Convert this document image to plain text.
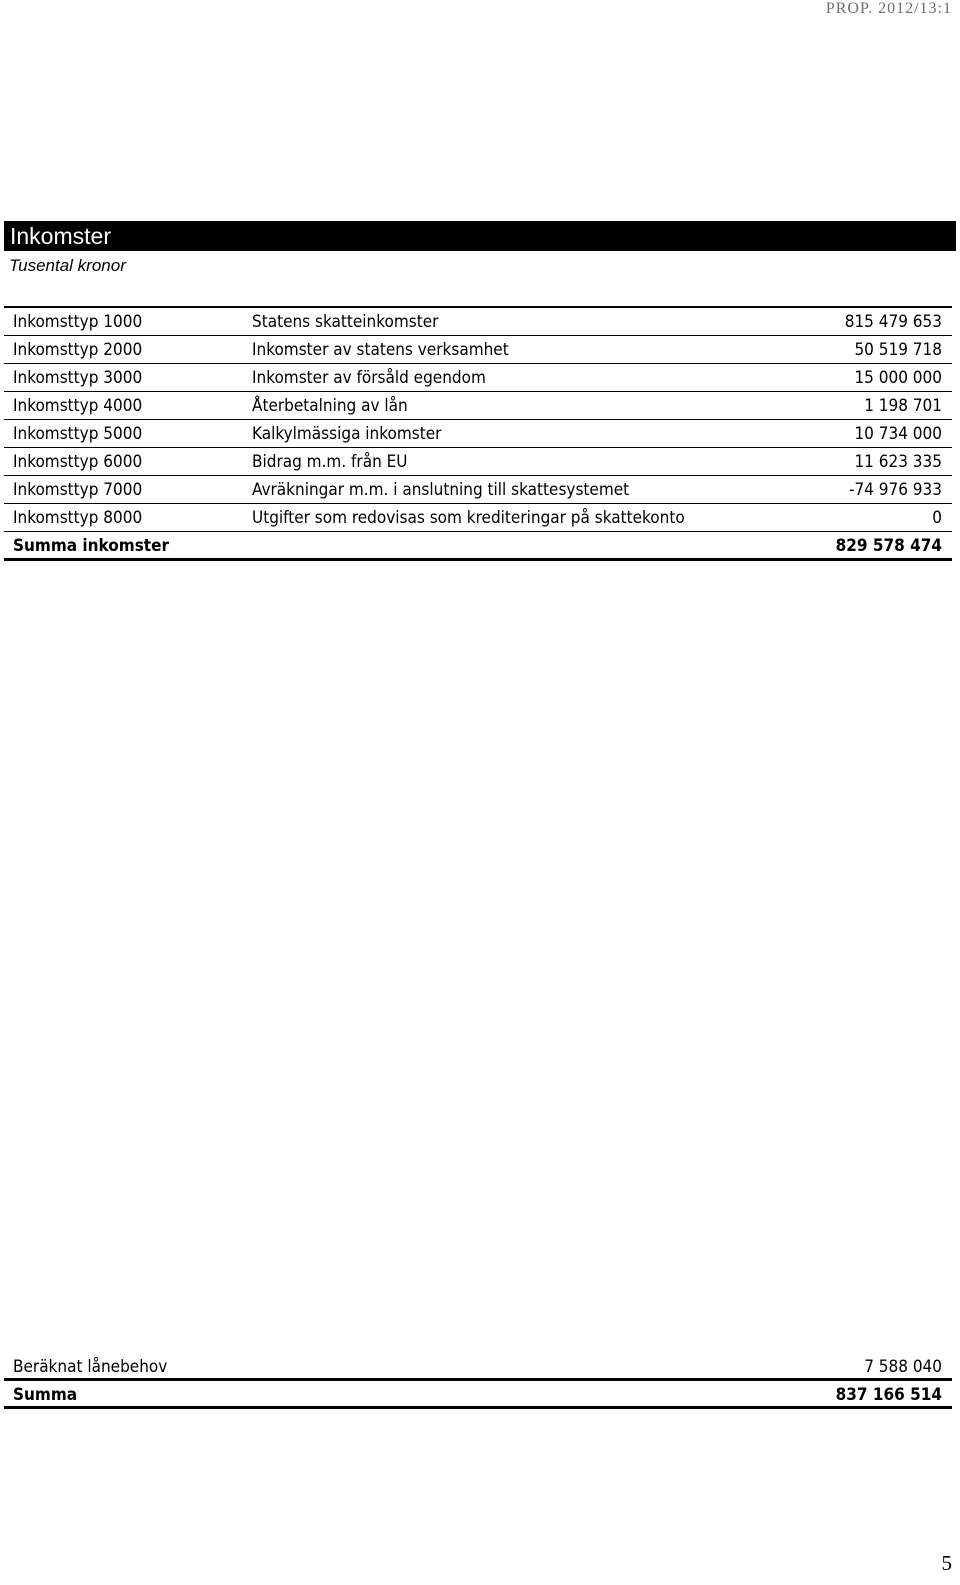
PROP. 2012/13:1
Inkomster
Tusental kronor
Inkomsttyp 1000	Statens skatteinkomster	815 479 653
Inkomsttyp 2000	Inkomster av statens verksamhet	50 519 718
Inkomsttyp 3000	Inkomster av försåld egendom	15 000 000
Inkomsttyp 4000	Återbetalning av lån	1 198 701
Inkomsttyp 5000	Kalkylmässiga inkomster	10 734 000
Inkomsttyp 6000	Bidrag m.m. från EU	11 623 335
Inkomsttyp 7000	Avräkningar m.m. i anslutning till skattesystemet	-74 976 933
Inkomsttyp 8000	Utgifter som redovisas som krediteringar på skattekonto	0
Summa inkomster	829 578 474
Beräknat lånebehov	7 588 040
Summa	837 166 514
5
